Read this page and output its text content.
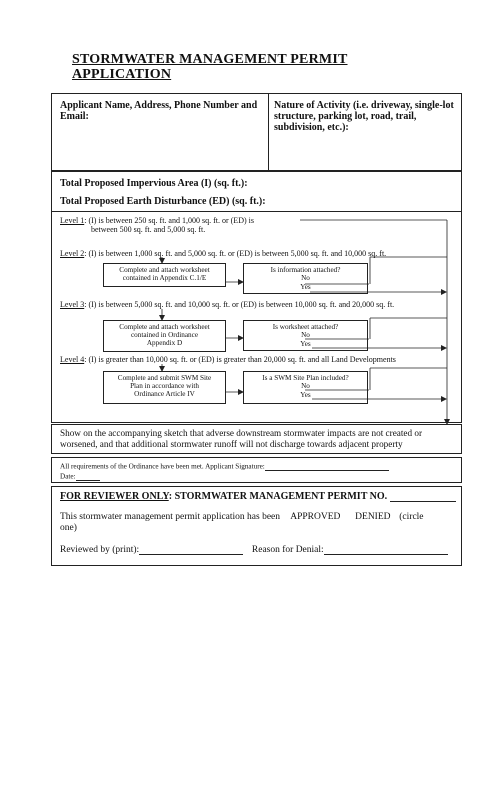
STORMWATER MANAGEMENT PERMIT
APPLICATION
Applicant Name, Address, Phone Number and
Email:
Nature of Activity (i.e. driveway, single-lot
structure, parking lot, road, trail,
subdivision, etc.):
Total Proposed Impervious Area (I) (sq. ft.):
Total Proposed Earth Disturbance (ED) (sq. ft.):
Level 1: (I) is between 250 sq. ft. and 1,000 sq. ft. or (ED) is
between 500 sq. ft. and 5,000 sq. ft.
Level 2: (I) is between 1,000 sq. ft. and 5,000 sq. ft. or (ED) is between 5,000 sq. ft. and 10,000 sq. ft.
Complete and attach worksheet
contained in Appendix C.1/E
Is information attached?
No
Yes
Level 3: (I) is between 5,000 sq. ft. and 10,000 sq. ft. or (ED) is between 10,000 sq. ft. and 20,000 sq. ft.
Complete and attach worksheet
contained in Ordinance
Appendix D
Is worksheet attached?
No
Yes
Level 4: (I) is greater than 10,000 sq. ft. or (ED) is greater than 20,000 sq. ft. and all Land Developments
Complete and submit SWM Site
Plan in accordance with
Ordinance Article IV
Is a SWM Site Plan included?
No
Yes
Show on the accompanying sketch that adverse downstream stormwater impacts are not created or
worsened, and that additional stormwater runoff will not discharge towards adjacent property
All requirements of the Ordinance have been met. Applicant Signature:
Date:
FOR REVIEWER ONLY: STORMWATER MANAGEMENT PERMIT NO.
This stormwater management permit application has been APPROVED DENIED (circle
one)
Reviewed by (print):	Reason for Denial:
